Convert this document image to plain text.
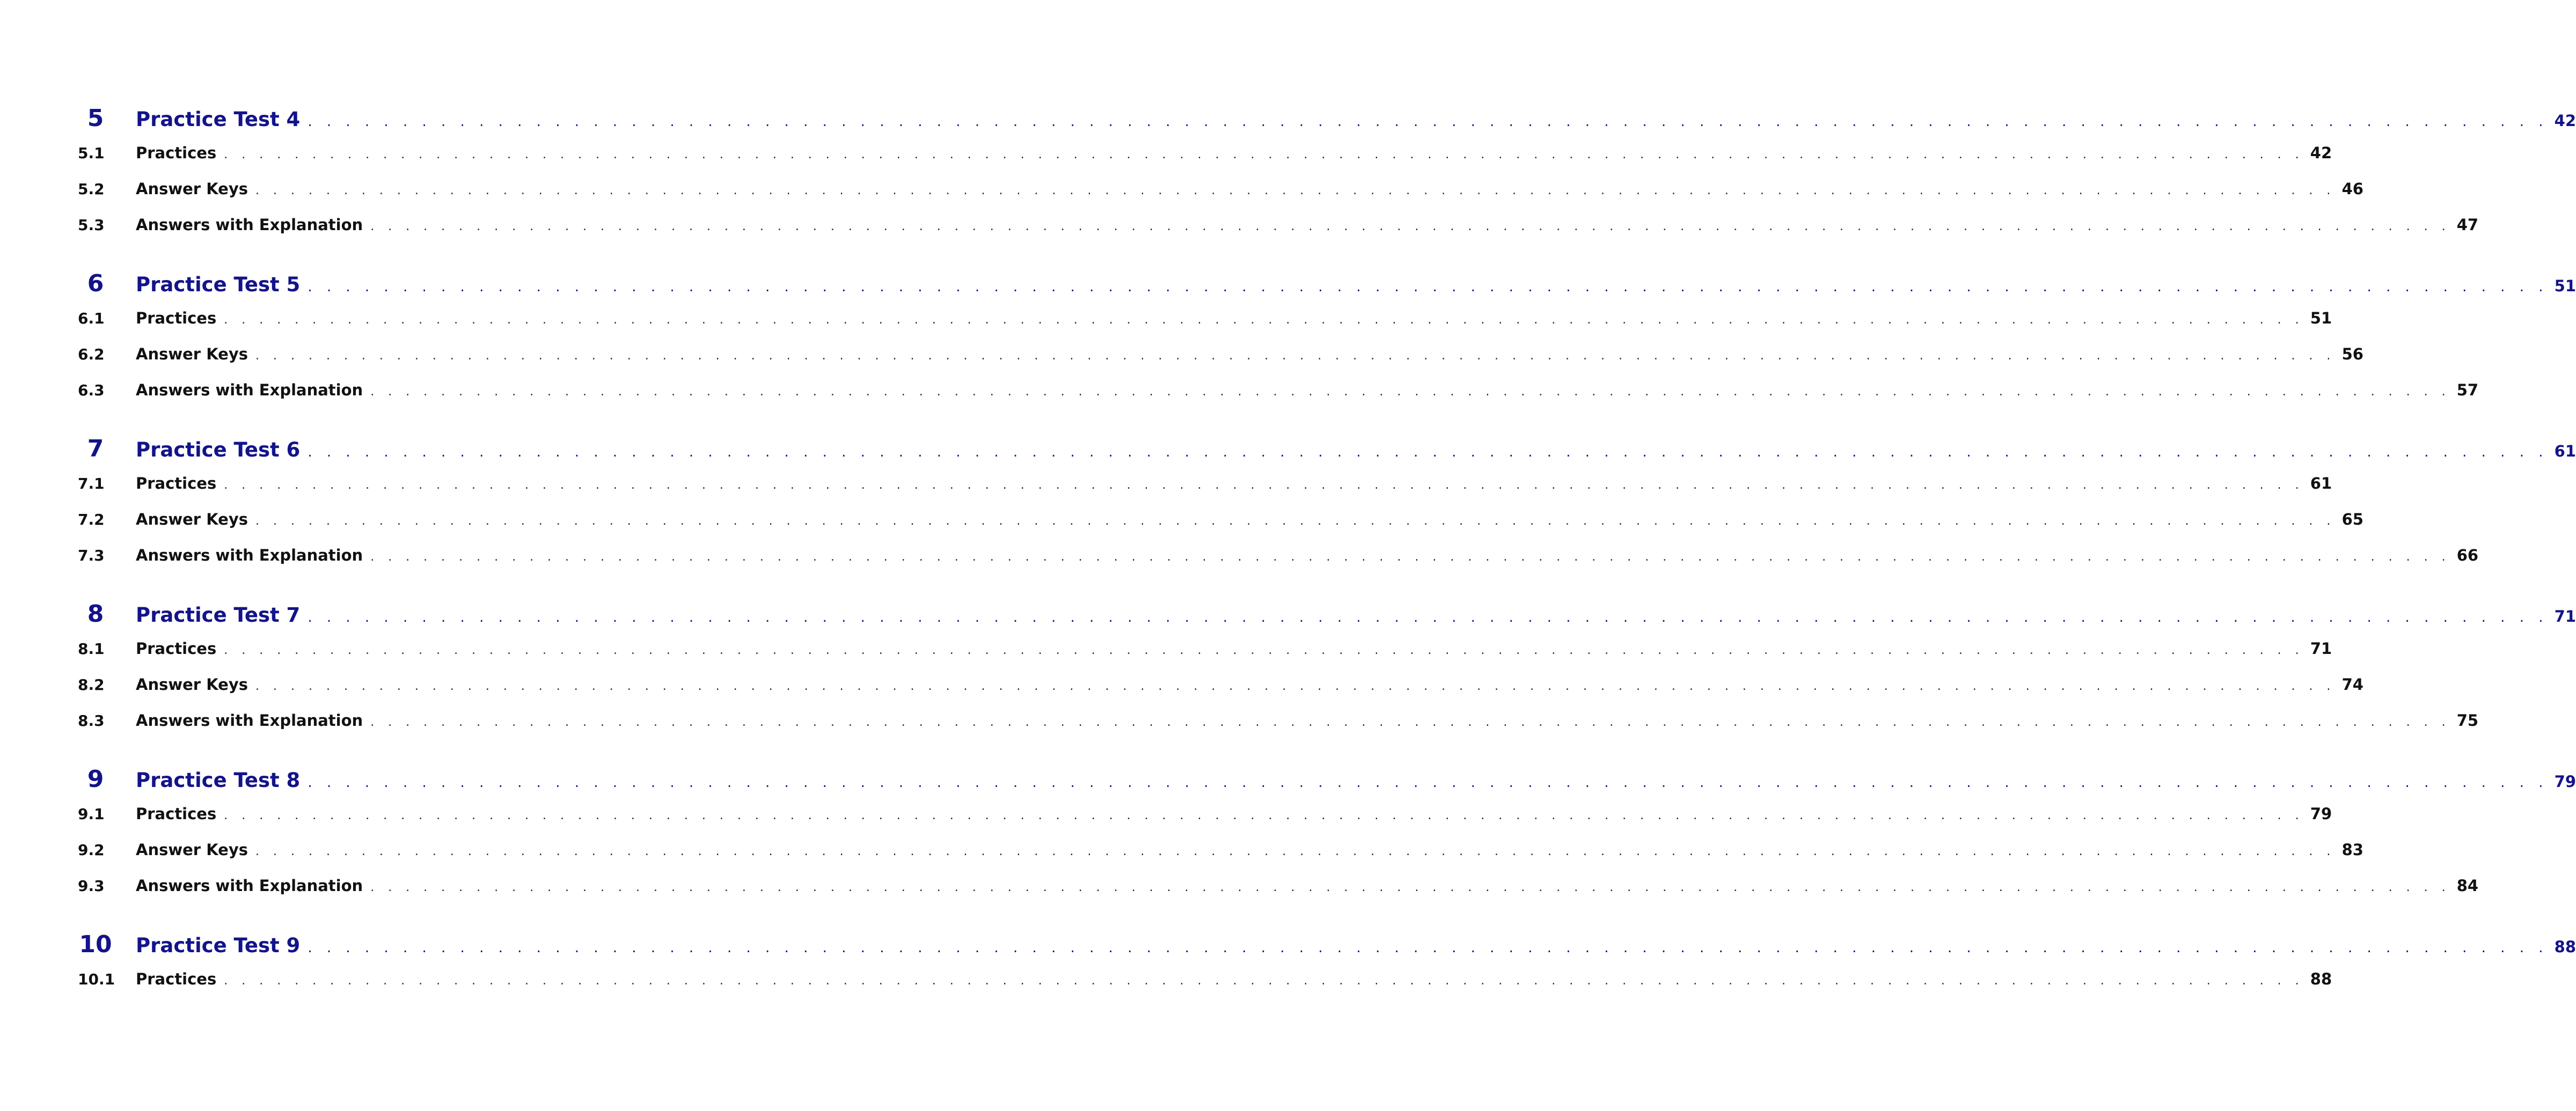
5	Practice Test 4 . . . . . . . . . . . . . . . . . . . . . . . . . . . . . . . . . . . . . . . . . . . . . . . . . . . . . . . . . . . . . . . . . . . . . . . . . . . . . . . . . . . . . . . . . . . . . . . . . . . . . . . . . . . . . . . . . . . . . . 42
5.1	Practices . . . . . . . . . . . . . . . . . . . . . . . . . . . . . . . . . . . . . . . . . . . . . . . . . . . . . . . . . . . . . . . . . . . . . . . . . . . . . . . . . . . . . . . . . . . . . . . . . . . . . . . . . . . . . . . . . . . . . . 42
5.2	Answer Keys . . . . . . . . . . . . . . . . . . . . . . . . . . . . . . . . . . . . . . . . . . . . . . . . . . . . . . . . . . . . . . . . . . . . . . . . . . . . . . . . . . . . . . . . . . . . . . . . . . . . . . . . . . . . . . . . . . . . . . 46
5.3	Answers with Explanation . . . . . . . . . . . . . . . . . . . . . . . . . . . . . . . . . . . . . . . . . . . . . . . . . . . . . . . . . . . . . . . . . . . . . . . . . . . . . . . . . . . . . . . . . . . . . . . . . . . . . . . . . . . . . . . . . . . . . . 47
6	Practice Test 5 . . . . . . . . . . . . . . . . . . . . . . . . . . . . . . . . . . . . . . . . . . . . . . . . . . . . . . . . . . . . . . . . . . . . . . . . . . . . . . . . . . . . . . . . . . . . . . . . . . . . . . . . . . . . . . . . . . . . . . 51
6.1	Practices . . . . . . . . . . . . . . . . . . . . . . . . . . . . . . . . . . . . . . . . . . . . . . . . . . . . . . . . . . . . . . . . . . . . . . . . . . . . . . . . . . . . . . . . . . . . . . . . . . . . . . . . . . . . . . . . . . . . . . 51
6.2	Answer Keys . . . . . . . . . . . . . . . . . . . . . . . . . . . . . . . . . . . . . . . . . . . . . . . . . . . . . . . . . . . . . . . . . . . . . . . . . . . . . . . . . . . . . . . . . . . . . . . . . . . . . . . . . . . . . . . . . . . . . . 56
6.3	Answers with Explanation . . . . . . . . . . . . . . . . . . . . . . . . . . . . . . . . . . . . . . . . . . . . . . . . . . . . . . . . . . . . . . . . . . . . . . . . . . . . . . . . . . . . . . . . . . . . . . . . . . . . . . . . . . . . . . . . . . . . . . 57
7	Practice Test 6 . . . . . . . . . . . . . . . . . . . . . . . . . . . . . . . . . . . . . . . . . . . . . . . . . . . . . . . . . . . . . . . . . . . . . . . . . . . . . . . . . . . . . . . . . . . . . . . . . . . . . . . . . . . . . . . . . . . . . . 61
7.1	Practices . . . . . . . . . . . . . . . . . . . . . . . . . . . . . . . . . . . . . . . . . . . . . . . . . . . . . . . . . . . . . . . . . . . . . . . . . . . . . . . . . . . . . . . . . . . . . . . . . . . . . . . . . . . . . . . . . . . . . . 61
7.2	Answer Keys . . . . . . . . . . . . . . . . . . . . . . . . . . . . . . . . . . . . . . . . . . . . . . . . . . . . . . . . . . . . . . . . . . . . . . . . . . . . . . . . . . . . . . . . . . . . . . . . . . . . . . . . . . . . . . . . . . . . . . 65
7.3	Answers with Explanation . . . . . . . . . . . . . . . . . . . . . . . . . . . . . . . . . . . . . . . . . . . . . . . . . . . . . . . . . . . . . . . . . . . . . . . . . . . . . . . . . . . . . . . . . . . . . . . . . . . . . . . . . . . . . . . . . . . . . . 66
8	Practice Test 7 . . . . . . . . . . . . . . . . . . . . . . . . . . . . . . . . . . . . . . . . . . . . . . . . . . . . . . . . . . . . . . . . . . . . . . . . . . . . . . . . . . . . . . . . . . . . . . . . . . . . . . . . . . . . . . . . . . . . . . 71
8.1	Practices . . . . . . . . . . . . . . . . . . . . . . . . . . . . . . . . . . . . . . . . . . . . . . . . . . . . . . . . . . . . . . . . . . . . . . . . . . . . . . . . . . . . . . . . . . . . . . . . . . . . . . . . . . . . . . . . . . . . . . 71
8.2	Answer Keys . . . . . . . . . . . . . . . . . . . . . . . . . . . . . . . . . . . . . . . . . . . . . . . . . . . . . . . . . . . . . . . . . . . . . . . . . . . . . . . . . . . . . . . . . . . . . . . . . . . . . . . . . . . . . . . . . . . . . . 74
8.3	Answers with Explanation . . . . . . . . . . . . . . . . . . . . . . . . . . . . . . . . . . . . . . . . . . . . . . . . . . . . . . . . . . . . . . . . . . . . . . . . . . . . . . . . . . . . . . . . . . . . . . . . . . . . . . . . . . . . . . . . . . . . . . 75
9	Practice Test 8 . . . . . . . . . . . . . . . . . . . . . . . . . . . . . . . . . . . . . . . . . . . . . . . . . . . . . . . . . . . . . . . . . . . . . . . . . . . . . . . . . . . . . . . . . . . . . . . . . . . . . . . . . . . . . . . . . . . . . . 79
9.1	Practices . . . . . . . . . . . . . . . . . . . . . . . . . . . . . . . . . . . . . . . . . . . . . . . . . . . . . . . . . . . . . . . . . . . . . . . . . . . . . . . . . . . . . . . . . . . . . . . . . . . . . . . . . . . . . . . . . . . . . . 79
9.2	Answer Keys . . . . . . . . . . . . . . . . . . . . . . . . . . . . . . . . . . . . . . . . . . . . . . . . . . . . . . . . . . . . . . . . . . . . . . . . . . . . . . . . . . . . . . . . . . . . . . . . . . . . . . . . . . . . . . . . . . . . . . 83
9.3	Answers with Explanation . . . . . . . . . . . . . . . . . . . . . . . . . . . . . . . . . . . . . . . . . . . . . . . . . . . . . . . . . . . . . . . . . . . . . . . . . . . . . . . . . . . . . . . . . . . . . . . . . . . . . . . . . . . . . . . . . . . . . . 84
10	Practice Test 9 . . . . . . . . . . . . . . . . . . . . . . . . . . . . . . . . . . . . . . . . . . . . . . . . . . . . . . . . . . . . . . . . . . . . . . . . . . . . . . . . . . . . . . . . . . . . . . . . . . . . . . . . . . . . . . . . . . . . . . 88
10.1	Practices . . . . . . . . . . . . . . . . . . . . . . . . . . . . . . . . . . . . . . . . . . . . . . . . . . . . . . . . . . . . . . . . . . . . . . . . . . . . . . . . . . . . . . . . . . . . . . . . . . . . . . . . . . . . . . . . . . . . . . 88
